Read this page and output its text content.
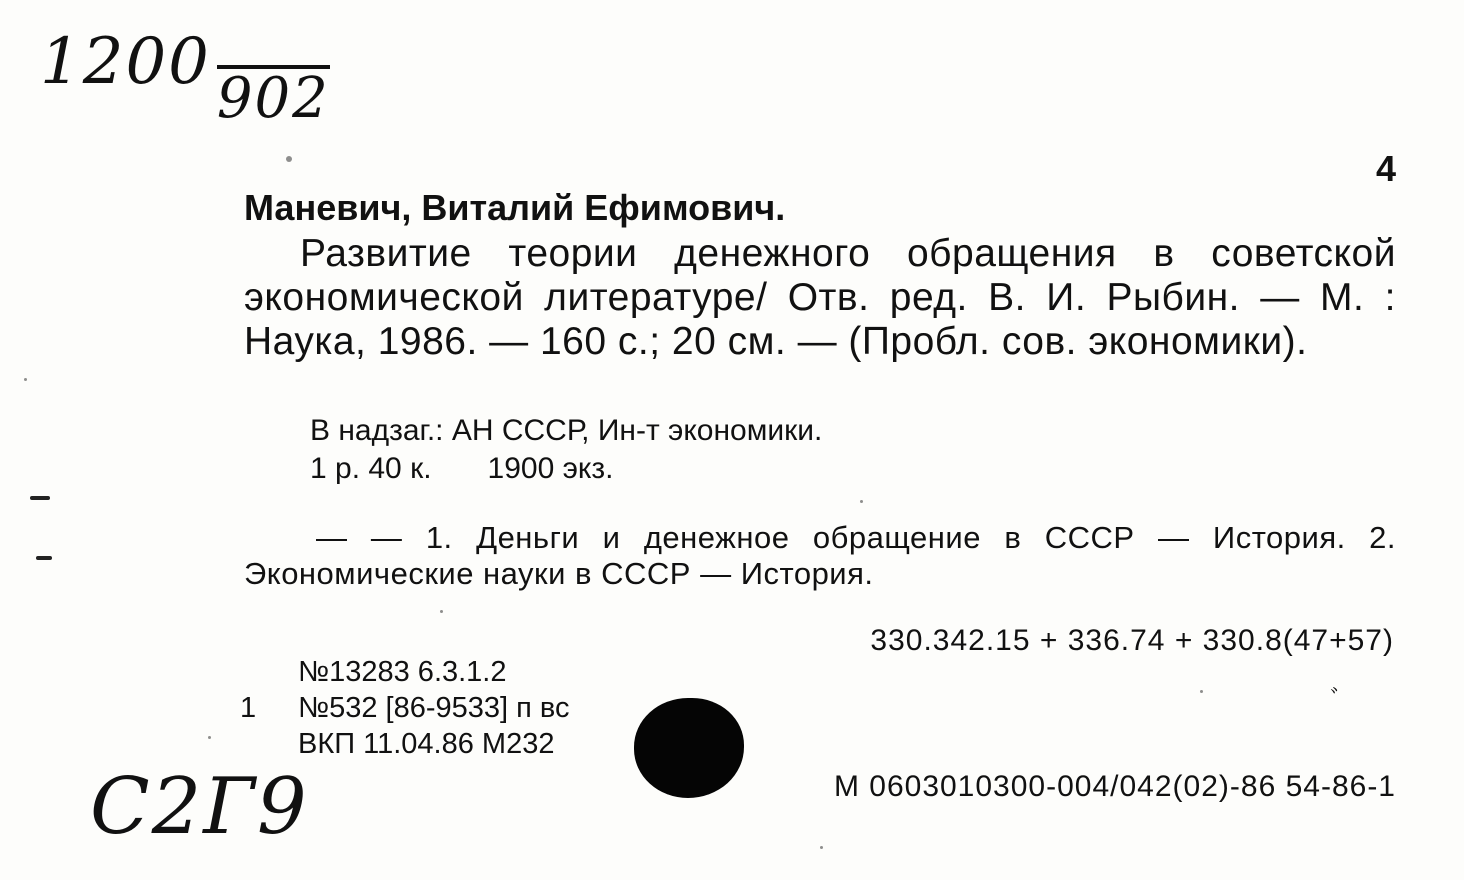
1200 902
4
Маневич, Виталий Ефимович.
Развитие теории денежного обращения в советской экономической литературе/ Отв. ред. В. И. Рыбин. — М. : Наука, 1986. — 160 с.; 20 см. — (Пробл. сов. экономики).
В надзаг.: АН СССР, Ин-т экономики.
1 р. 40 к. 1900 экз.
— — 1. Деньги и денежное обращение в СССР — История. 2. Экономические науки в СССР — История.
330.342.15 + 336.74 + 330.8(47+57)
№13283 6.3.1.2
1 №532 [86-9533] п вс
ВКП 11.04.86 М232
ﾞ
М 0603010300-004/042(02)-86 54-86-1
С2Г9
